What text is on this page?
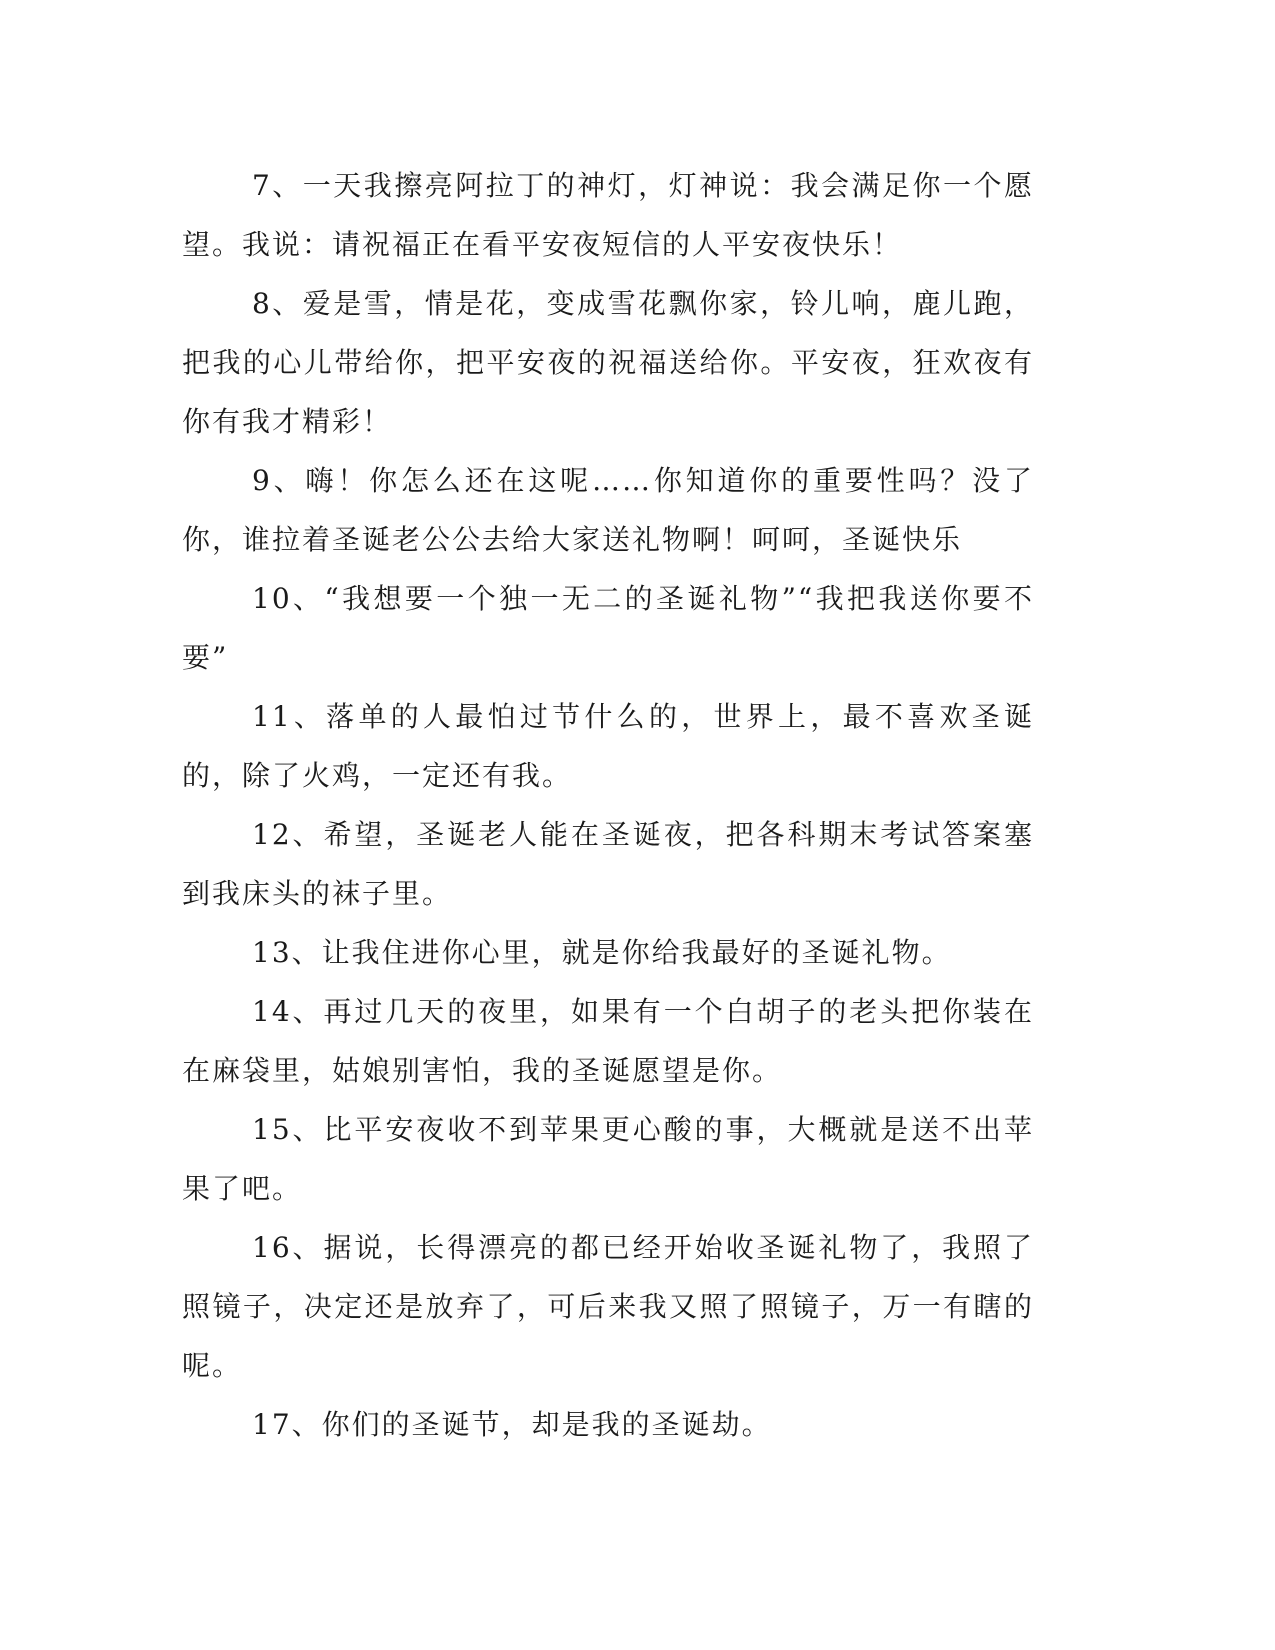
7、一天我擦亮阿拉丁的神灯，灯神说：我会满足你一个愿望。我说：请祝福正在看平安夜短信的人平安夜快乐！

8、爱是雪，情是花，变成雪花飘你家，铃儿响，鹿儿跑，把我的心儿带给你，把平安夜的祝福送给你。平安夜，狂欢夜有你有我才精彩！

9、嗨！你怎么还在这呢……你知道你的重要性吗？没了你，谁拉着圣诞老公公去给大家送礼物啊！呵呵，圣诞快乐

10、“我想要一个独一无二的圣诞礼物”“我把我送你要不要”

11、落单的人最怕过节什么的，世界上，最不喜欢圣诞的，除了火鸡，一定还有我。

12、希望，圣诞老人能在圣诞夜，把各科期末考试答案塞到我床头的袜子里。

13、让我住进你心里，就是你给我最好的圣诞礼物。

14、再过几天的夜里，如果有一个白胡子的老头把你装在在麻袋里，姑娘别害怕，我的圣诞愿望是你。

15、比平安夜收不到苹果更心酸的事，大概就是送不出苹果了吧。

16、据说，长得漂亮的都已经开始收圣诞礼物了，我照了照镜子，决定还是放弃了，可后来我又照了照镜子，万一有瞎的呢。

17、你们的圣诞节，却是我的圣诞劫。
